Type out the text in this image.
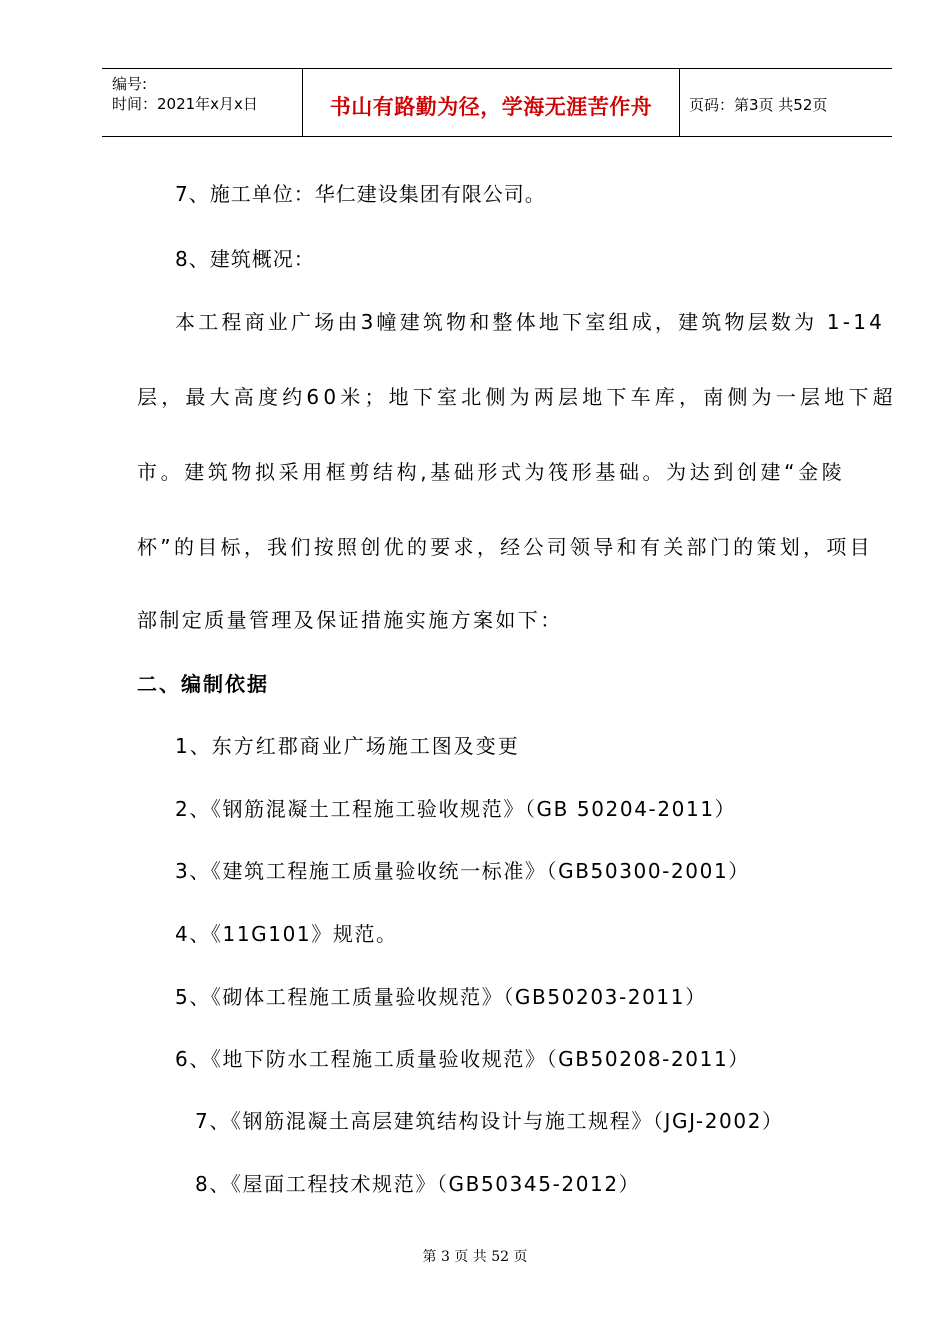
编号:
时间：2021年x月x日	书山有路勤为径，学海无涯苦作舟	页码：第3页 共52页
7、施工单位：华仁建设集团有限公司。
8、建筑概况：
本工程商业广场由3幢建筑物和整体地下室组成，建筑物层数为 1-14
层，最大高度约60米；地下室北侧为两层地下车库，南侧为一层地下超
市。建筑物拟采用框剪结构,基础形式为筏形基础。为达到创建“金陵
杯”的目标，我们按照创优的要求，经公司领导和有关部门的策划，项目
部制定质量管理及保证措施实施方案如下：
二、编制依据
1、东方红郡商业广场施工图及变更
2、《钢筋混凝土工程施工验收规范》（GB 50204-2011）
3、《建筑工程施工质量验收统一标准》（GB50300-2001）
4、《11G101》规范。
5、《砌体工程施工质量验收规范》（GB50203-2011）
6、《地下防水工程施工质量验收规范》（GB50208-2011）
7、《钢筋混凝土高层建筑结构设计与施工规程》（JGJ-2002）
8、《屋面工程技术规范》（GB50345-2012）
第 3 页 共 52 页
